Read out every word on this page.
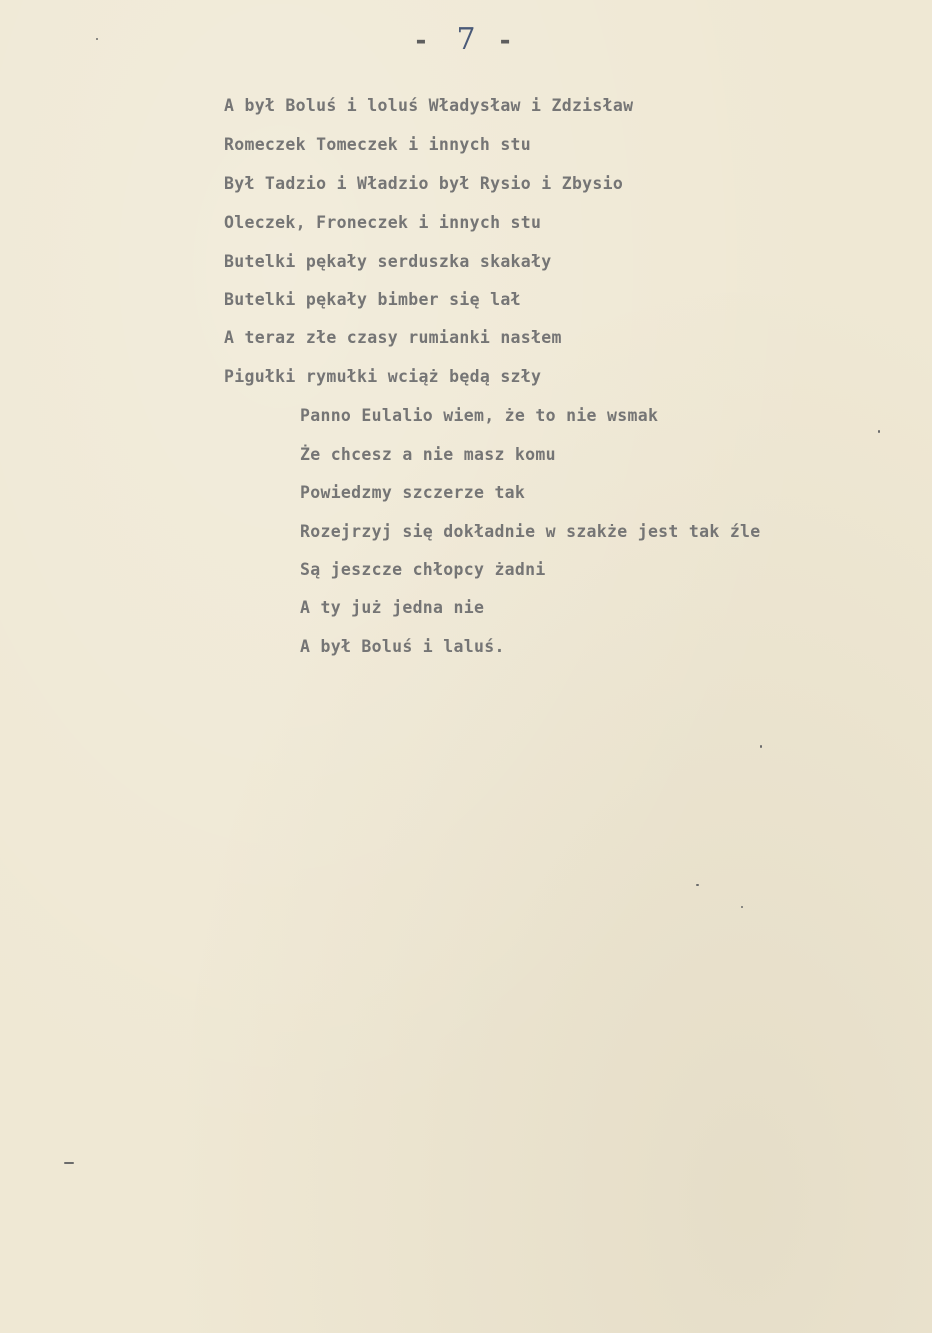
- 7 -
A był Boluś i loluś Władysław i Zdzisław
Romeczek Tomeczek i innych stu
Był Tadzio i Władzio był Rysio i Zbysio
Oleczek, Froneczek i innych stu
Butelki pękały serduszka skakały
Butelki pękały bimber się lał
A teraz złe czasy rumianki nasłem
Pigułki rymułki wciąż będą szły
Panno Eulalio wiem, że to nie wsmak
Że chcesz a nie masz komu
Powiedzmy szczerze tak
Rozejrzyj się dokładnie w szakże jest tak źle
Są jeszcze chłopcy żadni
A ty już jedna nie
A był Boluś i laluś.
